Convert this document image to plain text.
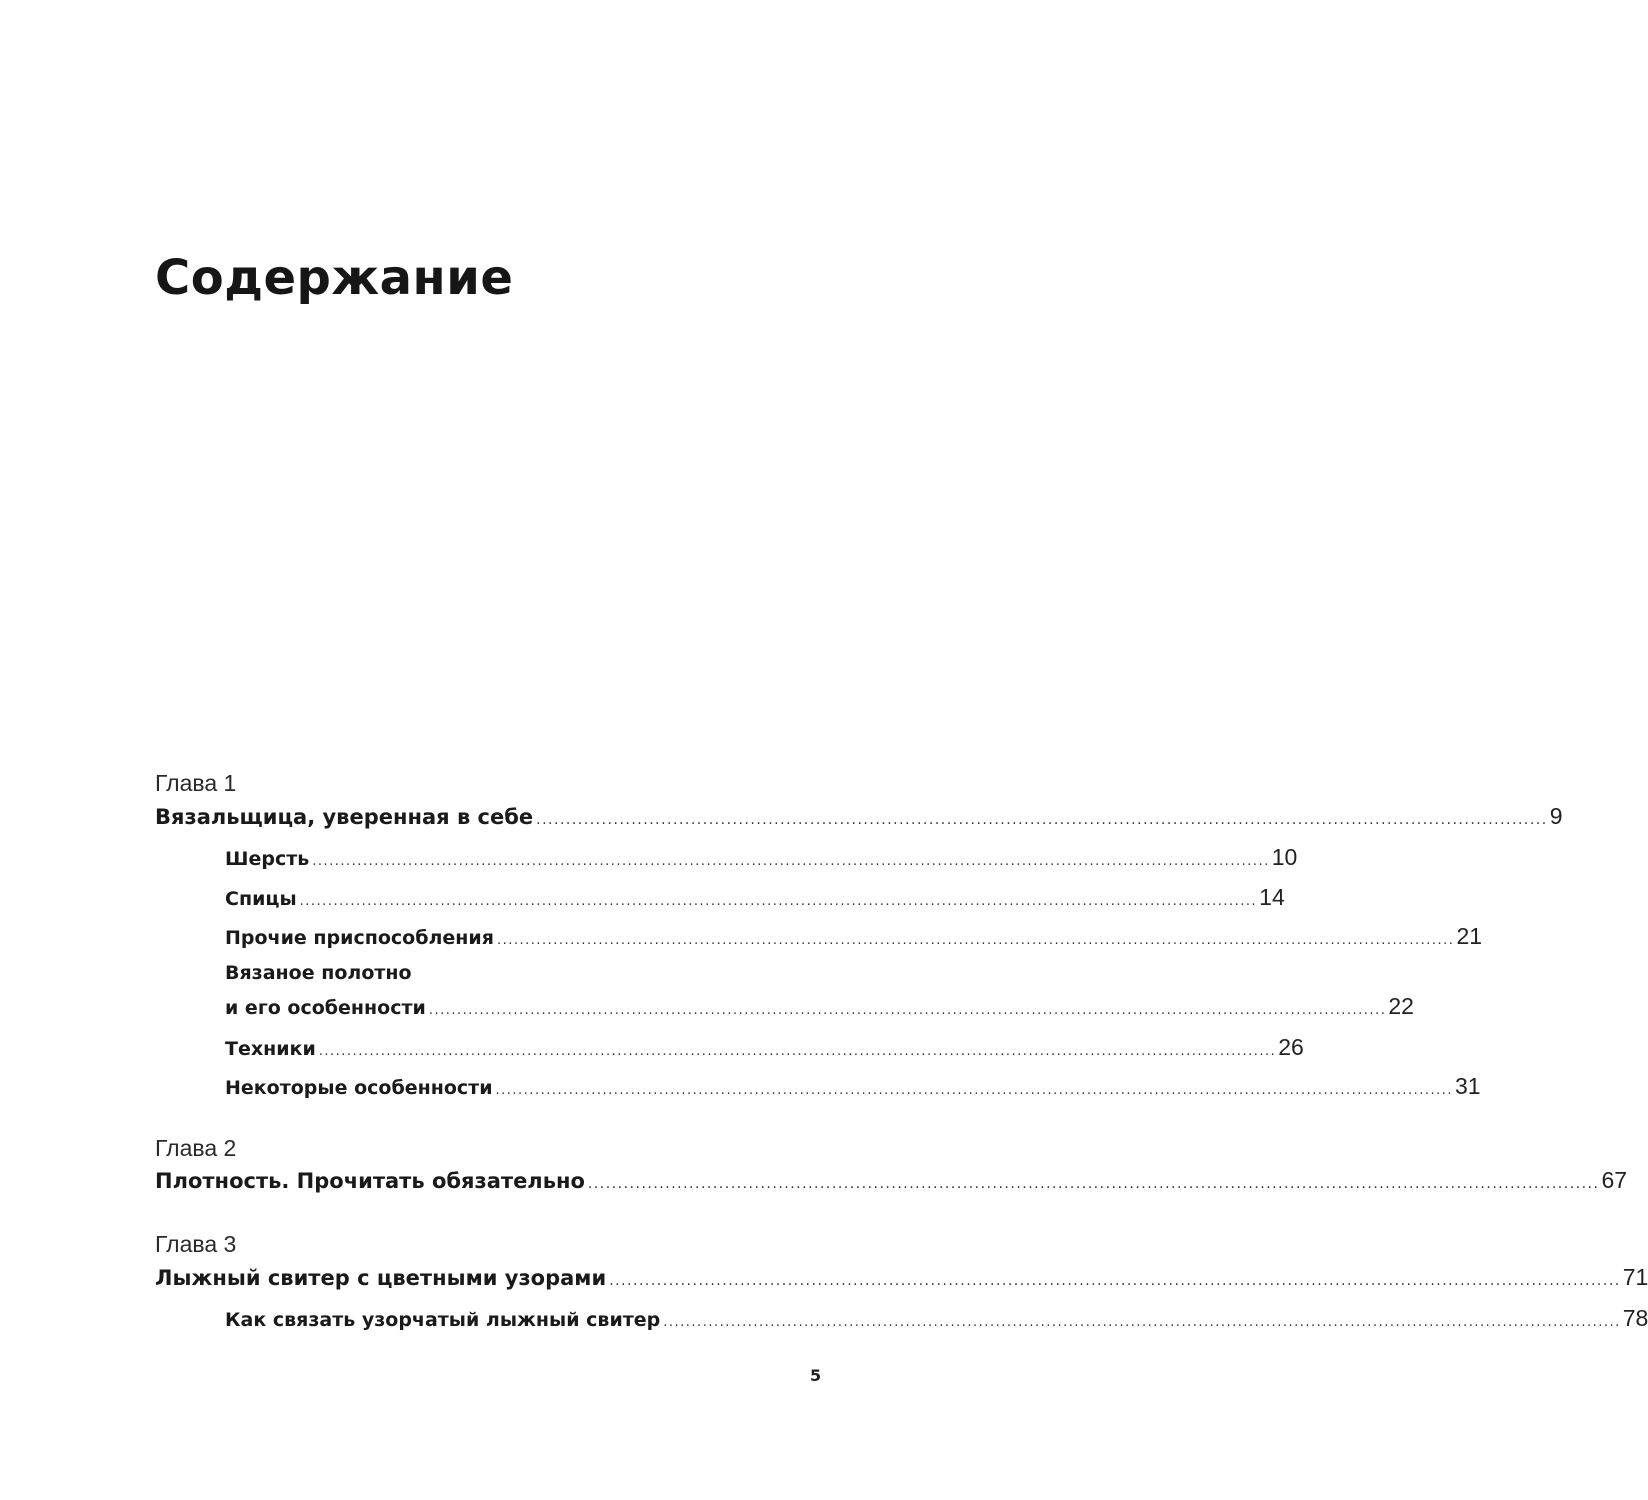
Содержание
Глава 1
Вязальщица, уверенная в себе .......................................................................................................................................................................... 9
Шерсть .......................................................................................................................................................................... 10
Спицы .......................................................................................................................................................................... 14
Прочие приспособления .......................................................................................................................................................................... 21
Вязаное полотно
и его особенности .......................................................................................................................................................................... 22
Техники .......................................................................................................................................................................... 26
Некоторые особенности .......................................................................................................................................................................... 31
Глава 2
Плотность. Прочитать обязательно .......................................................................................................................................................................... 67
Глава 3
Лыжный свитер с цветными узорами .......................................................................................................................................................................... 71
Как связать узорчатый лыжный свитер .......................................................................................................................................................................... 78
5
